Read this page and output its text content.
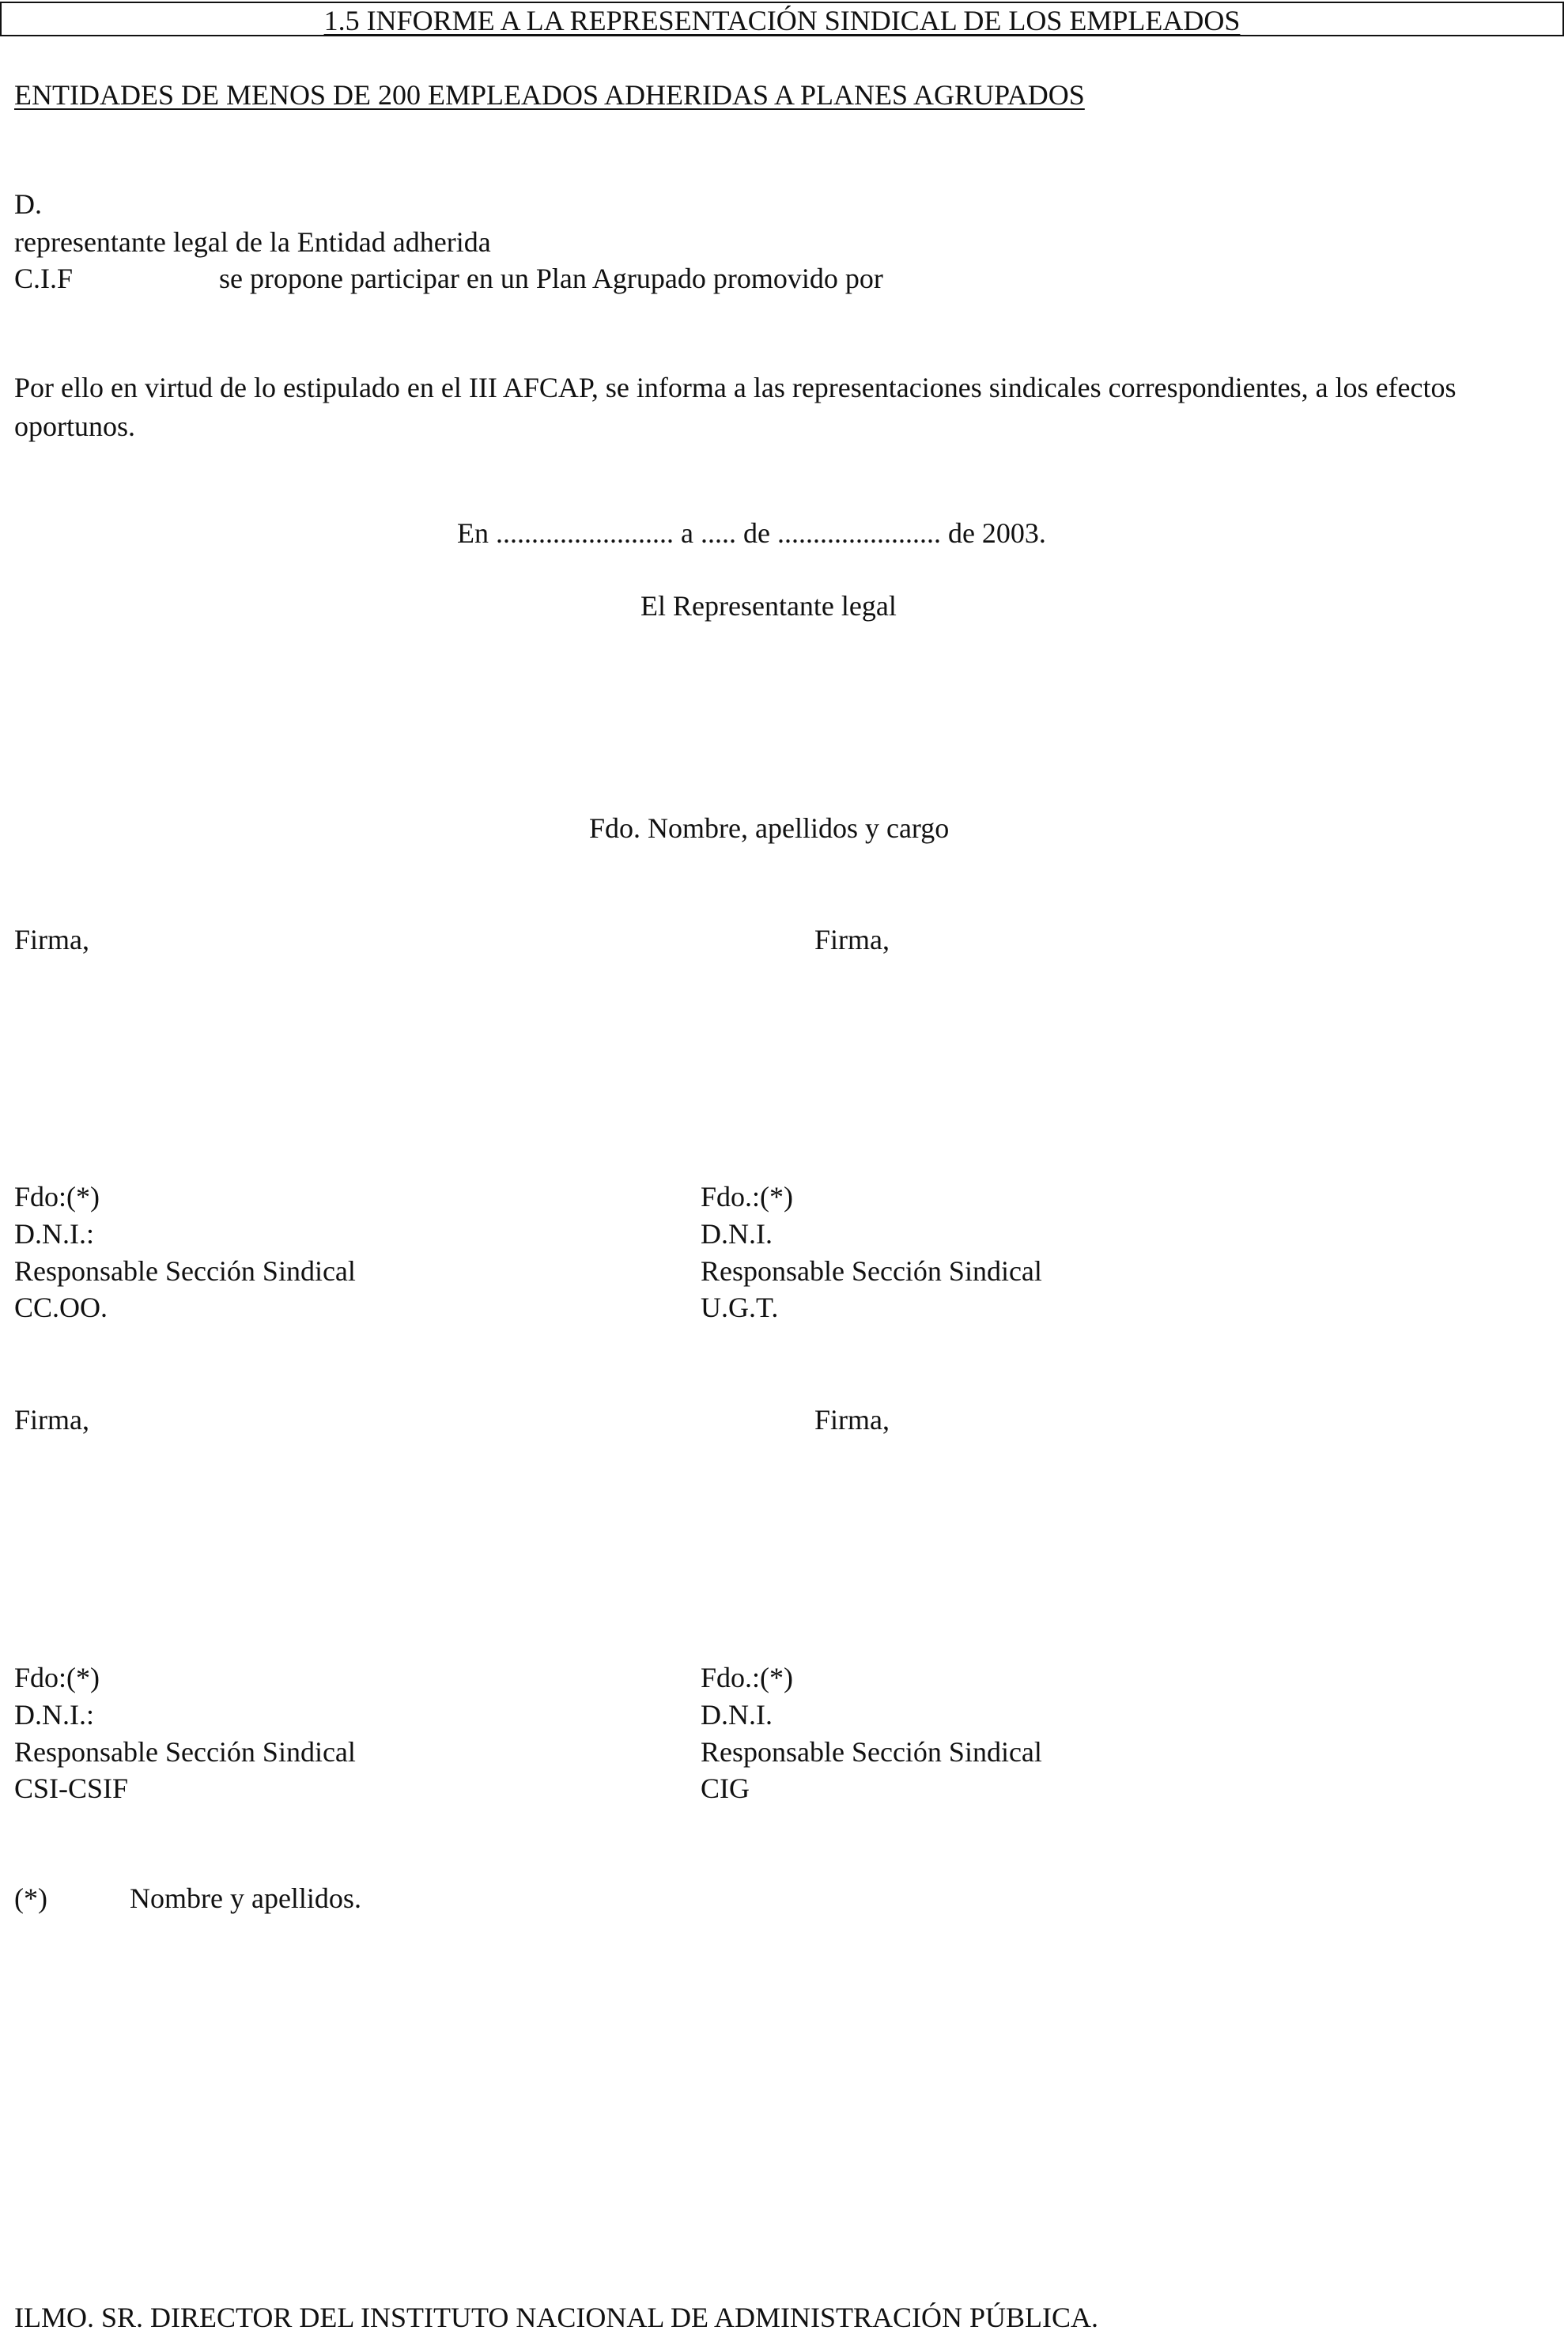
1.5 INFORME A LA REPRESENTACIÓN SINDICAL DE LOS EMPLEADOS
ENTIDADES DE MENOS DE 200 EMPLEADOS ADHERIDAS A PLANES AGRUPADOS
D.
representante legal de la Entidad adherida
C.I.F	se propone participar en un Plan Agrupado promovido por
Por ello en virtud de lo estipulado en el III AFCAP, se informa a las representaciones sindicales correspondientes, a los efectos oportunos.
En ......................... a ..... de ....................... de 2003.
El Representante legal
Fdo. Nombre, apellidos y cargo
Firma,	Firma,
Fdo:(*)
D.N.I.:
Responsable Sección Sindical
CC.OO.
Fdo.:(*)
D.N.I.
Responsable Sección Sindical
U.G.T.
Firma,	Firma,
Fdo:(*)
D.N.I.:
Responsable Sección Sindical
CSI-CSIF
Fdo.:(*)
D.N.I.
Responsable Sección Sindical
CIG
(*)	Nombre y apellidos.
ILMO. SR. DIRECTOR DEL INSTITUTO NACIONAL DE ADMINISTRACIÓN PÚBLICA.
